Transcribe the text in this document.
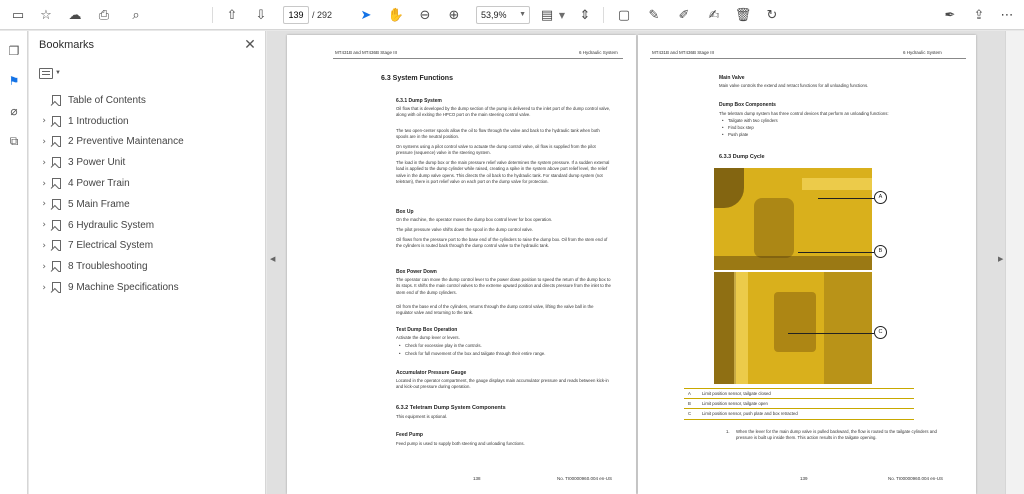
▭	☆	☁	⎙	⌕	⇧	⇩
139	/ 292	➤	✋	⊖	⊕	53,9% ▼ ▤ ▼	⇕	▢	✎	✐	✍	🗑	↻	✒	⇪	⋯
❐
⚑
⌀
⧉
Bookmarks	✕
▼
Table of Contents
›	1 Introduction
›	2 Preventive Maintenance
›	3 Power Unit
›	4 Power Train
›	5 Main Frame
›	6 Hydraulic System
›	7 Electrical System
›	8 Troubleshooting
›	9 Machine Specifications
◀	▶
MT431B and MT436B Stage III	6 Hydraulic System
6.3 System Functions
6.3.1 Dump System
Oil flow that is developed by the dump section of the pump is delivered to the inlet port of the dump control valve, along with oil exiting the HPCO port on the main steering control valve.
The two open-center spools allow the oil to flow through the valve and back to the hydraulic tank when both spools are in the neutral position.
On systems using a pilot control valve to actuate the dump control valve, oil flow is supplied from the pilot pressure (sequence) valve in the steering system.
The load in the dump box or the main pressure relief valve determines the system pressure. If a sudden external load is applied to the dump cylinder while raised, creating a spike in the system above port relief level, the relief valve in the dump valve opens. This directs the oil back to the hydraulic tank. For standard dump system (not teletram), there is port relief valve on each port on the dump valve for protection.
Box Up
On the machine, the operator moves the dump box control lever for box operation.
The pilot pressure valve shifts down the spool in the dump control valve.
Oil flows from the pressure port to the base end of the cylinders to raise the dump box. Oil from the stem end of the cylinders is routed back through the dump control valve to the hydraulic tank.
Box Power Down
The operator can move the dump control lever to the power down position to speed the return of the dump box to its stops. It shifts the main control valves to the extreme upward position and directs pressure from the inlet to the stem end of the dump cylinders.
Oil from the base end of the cylinders, returns through the dump control valve, lifting the valve ball in the regulator valve and returning to the tank.
Test Dump Box Operation
Activate the dump lever or levers.
• Check for excessive play in the controls.
• Check for full movement of the box and tailgate through their entire range.
Accumulator Pressure Gauge
Located in the operator compartment, the gauge displays main accumulator pressure and reads between kick-in and kick-out pressure during operation.
6.3.2 Teletram Dump System Components
This equipment is optional.
Feed Pump
Feed pump is used to supply both steering and unloading functions.
138	No. TI00000960.004 en-US
MT431B and MT436B Stage III	6 Hydraulic System
Main Valve
Main valve controls the extend and retract functions for all unloading functions.
Dump Box Components
The teletram dump system has three control devices that perform an unloading functions:
• Tailgate with two cylinders
• Find box step
• Push plate
6.3.3 Dump Cycle
A
B
C
A	Limit position sensor, tailgate closed
B	Limit position sensor, tailgate open
C	Limit position sensor, push plate and box retracted
1. When the lever for the main dump valve is pulled backward, the flow is routed to the tailgate cylinders and pressure is built up inside them. This action results in the tailgate opening.
139	No. TI00000960.004 en-US
